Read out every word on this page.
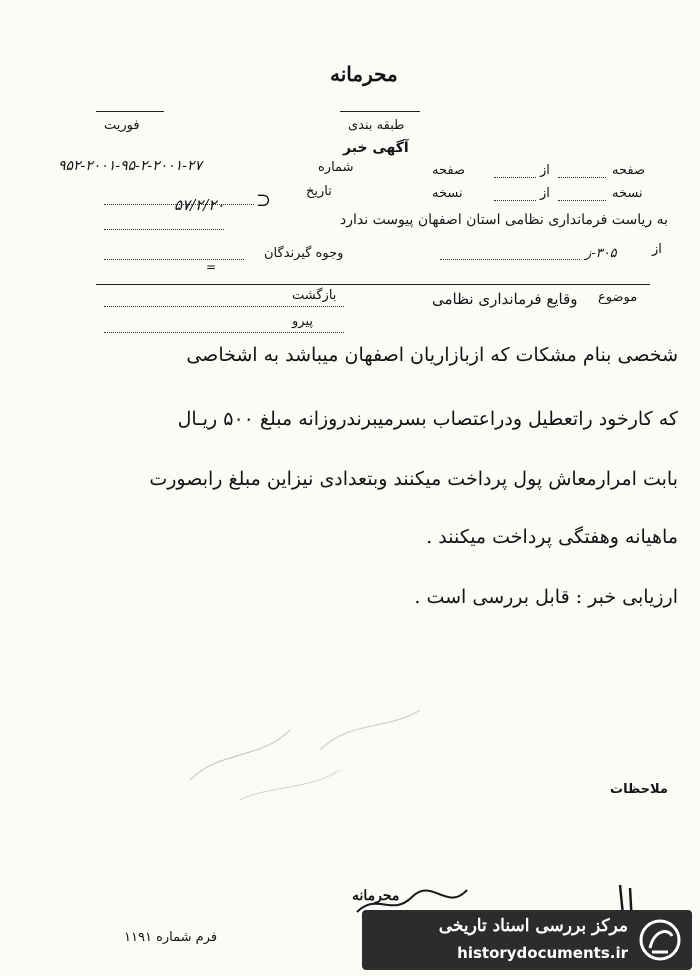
محرمانه
فوریت	طبقه بندی
آگهی خبر
۹۵۲-۲۰۰۱-۹۵-۲-۲۰۰۱-۲۷	شماره	صفحه	از	صفحه
۵۷/۲/۲۰ ⊃	تاریخ	نسخه	از	نسخه
به ریاست فرمانداری نظامی استان اصفهان پیوست ندارد
وجوه گیرندگان	۳۰۵-ز	از
=
بازگشت
پیرو
وقایع فرمانداری نظامی موضوع
شخصی بنام مشکات که ازبازاریان اصفهان میباشد به اشخاصی
که کارخود راتعطیل ودراعتصاب بسرمیبرندروزانه مبلغ ۵۰۰ ریـال
بابت امرارمعاش پول پرداخت میکنند وبتعدادی نیزاین مبلغ رابصورت
ماهیانه وهفتگی پرداخت میکنند .
ارزیابی خبر : قابل بررسی است .
ملاحظات
محرمانه
فرم شماره ۱۱۹۱
مرکز بررسی اسناد تاریخی
historydocuments.ir
